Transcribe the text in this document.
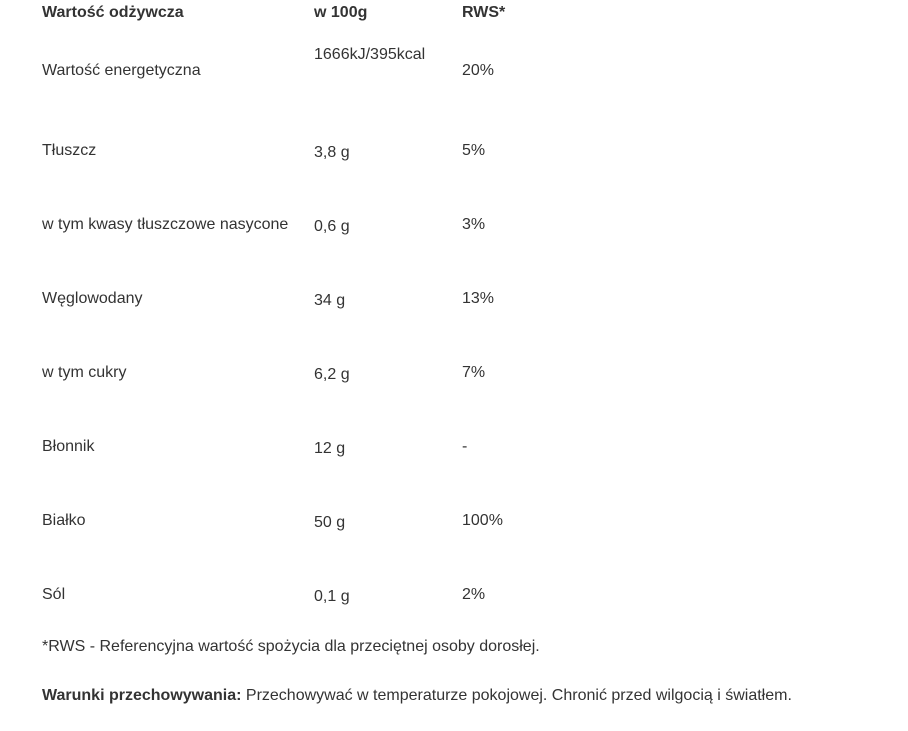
Wartość odżywcza	w 100g	RWS*
Wartość energetyczna	1666kJ/395kcal	20%
Tłuszcz	3,8 g	5%
w tym kwasy tłuszczowe nasycone	0,6 g	3%
Węglowodany	34 g	13%
w tym cukry	6,2 g	7%
Błonnik	12 g	-
Białko	50 g	100%
Sól	0,1 g	2%

*RWS - Referencyjna wartość spożycia dla przeciętnej osoby dorosłej.

Warunki przechowywania: Przechowywać w temperaturze pokojowej. Chronić przed wilgocią i światłem.
